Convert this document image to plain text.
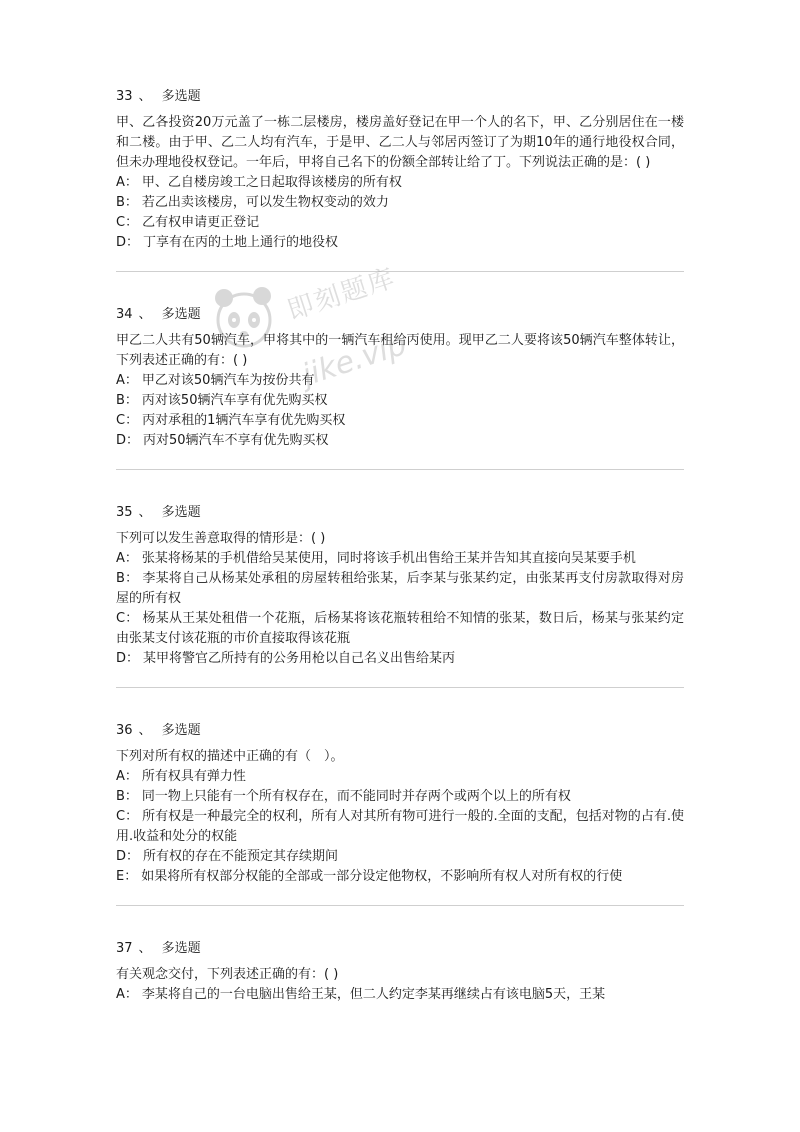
33 、 多选题
甲、乙各投资20万元盖了一栋二层楼房，楼房盖好登记在甲一个人的名下，甲、乙分别居住在一楼和二楼。由于甲、乙二人均有汽车，于是甲、乙二人与邻居丙签订了为期10年的通行地役权合同，但未办理地役权登记。一年后，甲将自己名下的份额全部转让给了丁。下列说法正确的是：( )
A： 甲、乙自楼房竣工之日起取得该楼房的所有权
B： 若乙出卖该楼房，可以发生物权变动的效力
C： 乙有权申请更正登记
D： 丁享有在丙的土地上通行的地役权
34 、 多选题
甲乙二人共有50辆汽车，甲将其中的一辆汽车租给丙使用。现甲乙二人要将该50辆汽车整体转让，下列表述正确的有：( )
A： 甲乙对该50辆汽车为按份共有
B： 丙对该50辆汽车享有优先购买权
C： 丙对承租的1辆汽车享有优先购买权
D： 丙对50辆汽车不享有优先购买权
35 、 多选题
下列可以发生善意取得的情形是：( )
A： 张某将杨某的手机借给吴某使用，同时将该手机出售给王某并告知其直接向吴某要手机
B： 李某将自己从杨某处承租的房屋转租给张某，后李某与张某约定，由张某再支付房款取得对房屋的所有权
C： 杨某从王某处租借一个花瓶，后杨某将该花瓶转租给不知情的张某，数日后，杨某与张某约定由张某支付该花瓶的市价直接取得该花瓶
D： 某甲将警官乙所持有的公务用枪以自己名义出售给某丙
36 、 多选题
下列对所有权的描述中正确的有（　）。
A： 所有权具有弹力性
B： 同一物上只能有一个所有权存在，而不能同时并存两个或两个以上的所有权
C： 所有权是一种最完全的权利，所有人对其所有物可进行一般的.全面的支配，包括对物的占有.使用.收益和处分的权能
D： 所有权的存在不能预定其存续期间
E： 如果将所有权部分权能的全部或一部分设定他物权，不影响所有权人对所有权的行使
37 、 多选题
有关观念交付，下列表述正确的有：( )
A： 李某将自己的一台电脑出售给王某，但二人约定李某再继续占有该电脑5天，王某
即刻题库
jike.vip
